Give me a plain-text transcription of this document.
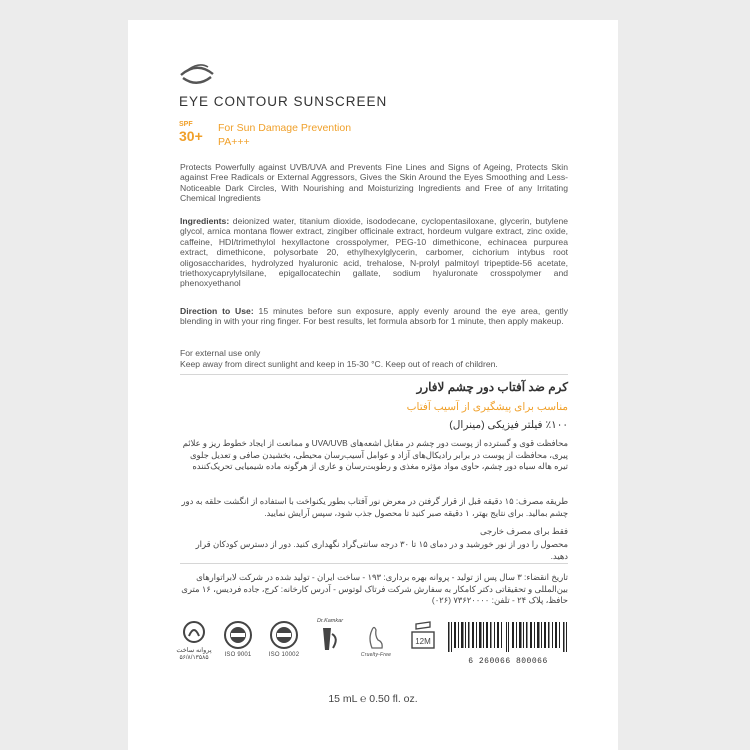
EYE CONTOUR SUNSCREEN
SPF
30+	For Sun Damage Prevention
PA+++
Protects Powerfully against UVB/UVA and Prevents Fine Lines and Signs of Ageing, Protects Skin against Free Radicals or External Aggressors, Gives the Skin Around the Eyes Smoothing and Less-Noticeable Dark Circles, With Nourishing and Moisturizing Ingredients and Free of any Irritating Chemical Ingredients
Ingredients: deionized water, titanium dioxide, isododecane, cyclopentasiloxane, glycerin, butylene glycol, arnica montana flower extract, zingiber officinale extract, hordeum vulgare extract, zinc oxide, caffeine, HDI/trimethylol hexyllactone crosspolymer, PEG-10 dimethicone, echinacea purpurea extract, dimethicone, polysorbate 20, ethylhexylglycerin, carbomer, cichorium intybus root oligosaccharides, hydrolyzed hyaluronic acid, trehalose, N-prolyl palmitoyl tripeptide-56 acetate, triethoxycaprylylsilane, epigallocatechin gallate, sodium hyaluronate crosspolymer and phenoxyethanol
Direction to Use: 15 minutes before sun exposure, apply evenly around the eye area, gently blending in with your ring finger. For best results, let formula absorb for 1 minute, then apply makeup.
For external use only
Keep away from direct sunlight and keep in 15-30 °C. Keep out of reach of children.
کرم ضد آفتاب دور چشم لافارر
مناسب برای پیشگیری از آسیب آفتاب
٪۱۰۰ فیلتر فیزیکی (مینرال)
محافظت قوی و گسترده از پوست دور چشم در مقابل اشعه‌های UVA/UVB و ممانعت از ایجاد خطوط ریز و علائم پیری، محافظت از پوست در برابر رادیکال‌های آزاد و عوامل آسیب‌رسان محیطی، بخشیدن صافی و تعدیل جلوی تیره هاله سیاه دور چشم، حاوی مواد مؤثره مغذی و رطوبت‌رسان و عاری از هرگونه ماده شیمیایی تحریک‌کننده
طریقه مصرف: ۱۵ دقیقه قبل از قرار گرفتن در معرض نور آفتاب بطور یکنواخت با استفاده از انگشت حلقه به دور چشم بمالید. برای نتایج بهتر، ۱ دقیقه صبر کنید تا محصول جذب شود، سپس آرایش نمایید.
فقط برای مصرف خارجی
محصول را دور از نور خورشید و در دمای ۱۵ تا ۳۰ درجه سانتی‌گراد نگهداری کنید. دور از دسترس کودکان قرار دهید.
تاریخ انقضاء: ۳ سال پس از تولید - پروانه بهره برداری: ۱۹۳ - ساخت ایران - تولید شده در شرکت لابراتوارهای بین‌المللی و تحقیقاتی دکتر کامکار به سفارش شرکت فرتاک لوتوس - آدرس کارخانه: کرج، جاده فردیس، ۱۶ متری حافظ، پلاک ۲۴ - تلفن: ۷۳۶۲۰۰۰۰ (۰۲۶)
پروانه ساخت
۵۶/۸/۱۳۵۸۵	ISO 9001	ISO 10002
Dr.Kamkar
Cruelty-Free
12M
6 260066 800066
15 mL ℮ 0.50 fl. oz.
